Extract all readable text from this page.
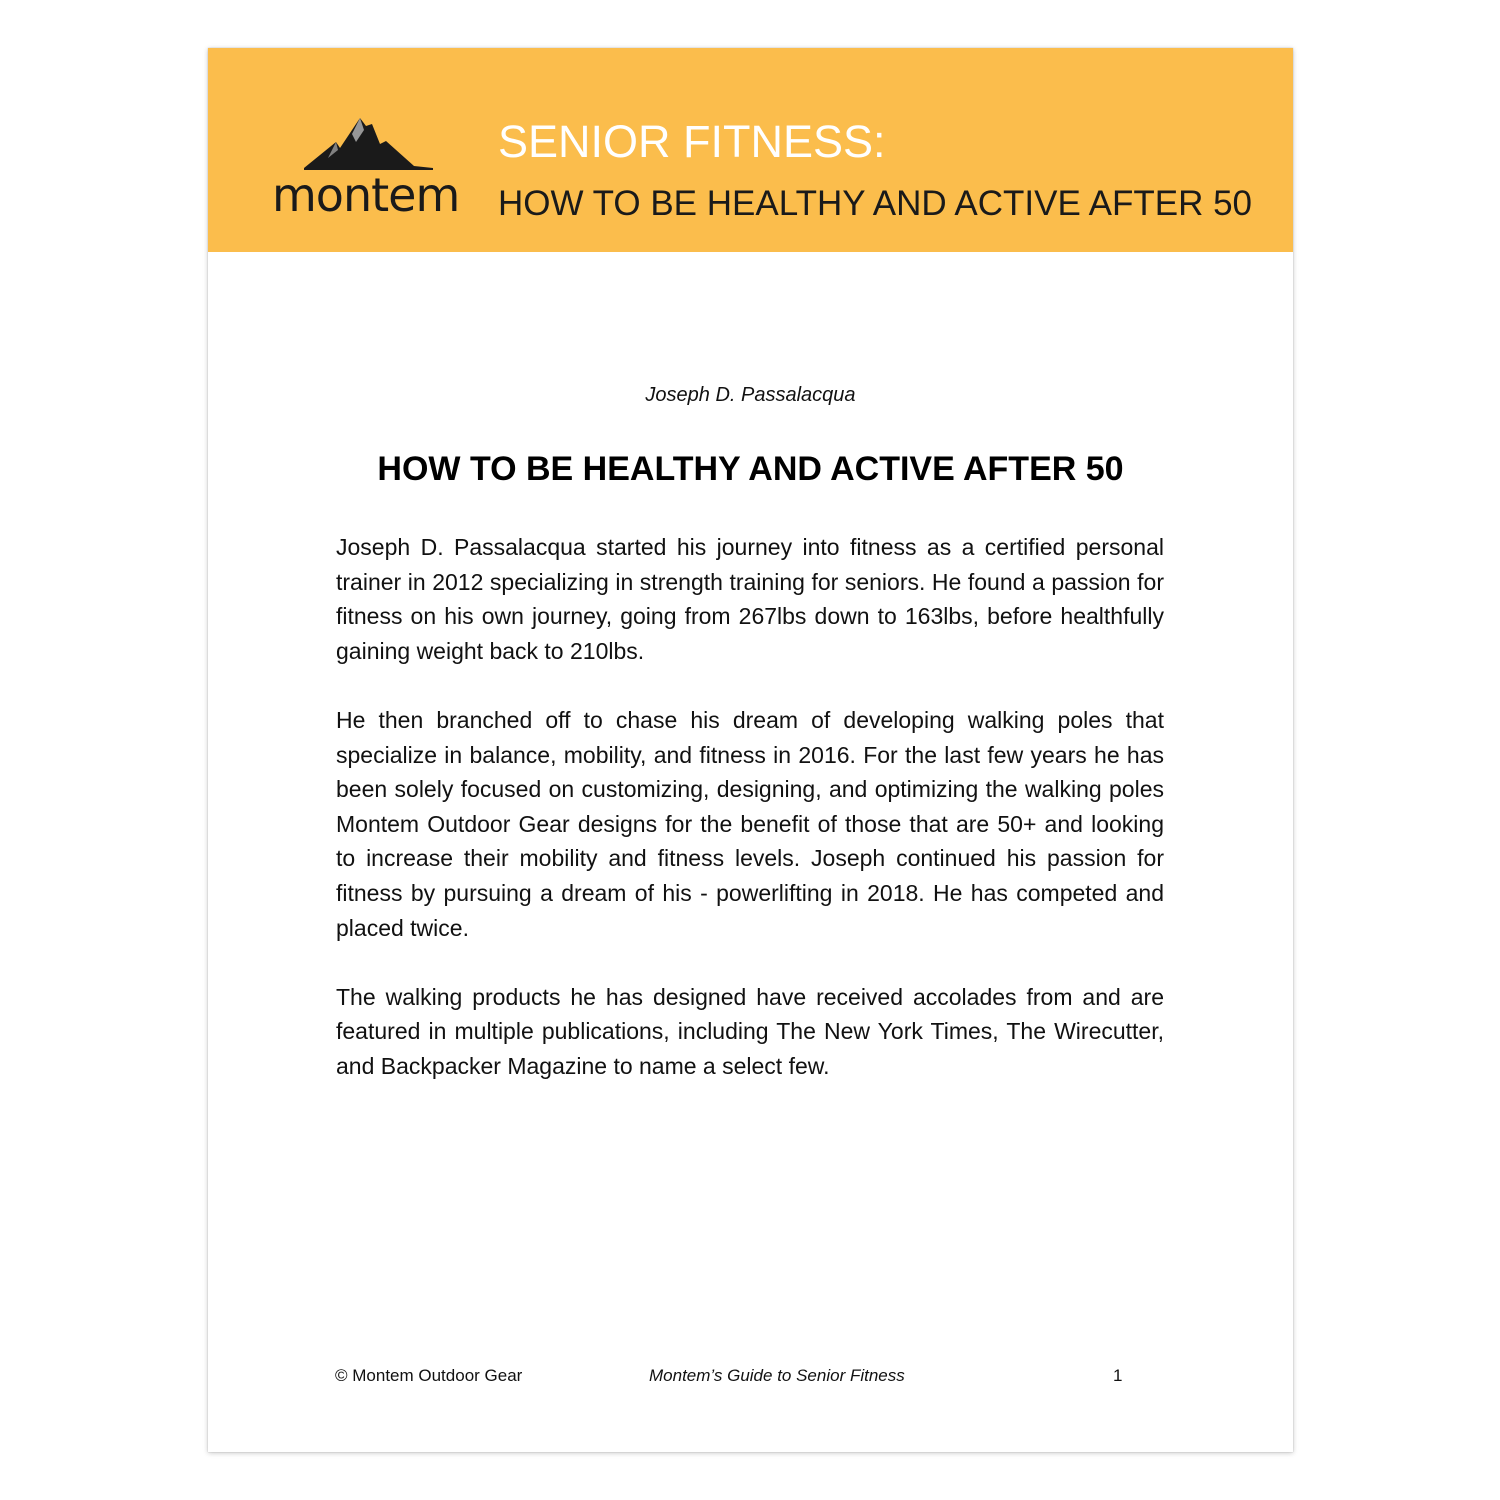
montem
SENIOR FITNESS:
HOW TO BE HEALTHY AND ACTIVE AFTER 50
Joseph D. Passalacqua
HOW TO BE HEALTHY AND ACTIVE AFTER 50

Joseph D. Passalacqua started his journey into fitness as a certified personal trainer in 2012 specializing in strength training for seniors. He found a passion for fitness on his own journey, going from 267lbs down to 163lbs, before healthfully gaining weight back to 210lbs.

He then branched off to chase his dream of developing walking poles that specialize in balance, mobility, and fitness in 2016. For the last few years he has been solely focused on customizing, designing, and optimizing the walking poles Montem Outdoor Gear designs for the benefit of those that are 50+ and looking to increase their mobility and fitness levels. Joseph continued his passion for fitness by pursuing a dream of his - powerlifting in 2018. He has competed and placed twice.

The walking products he has designed have received accolades from and are featured in multiple publications, including The New York Times, The Wirecutter, and Backpacker Magazine to name a select few.

© Montem Outdoor Gear	Montem’s Guide to Senior Fitness	1
